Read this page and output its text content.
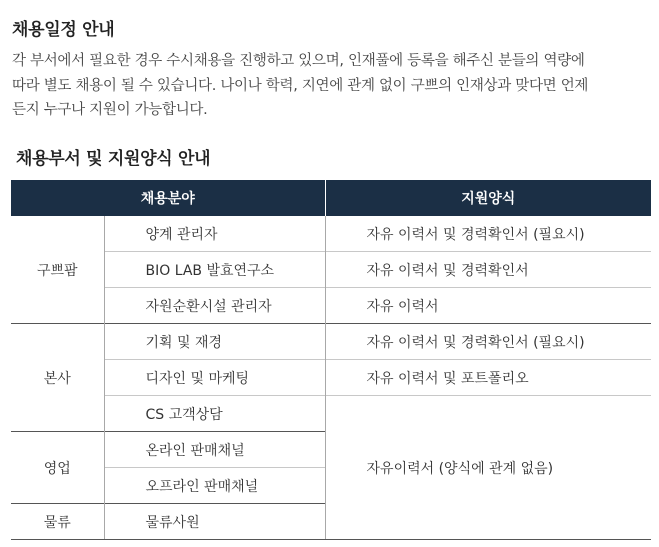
채용일정 안내

각 부서에서 필요한 경우 수시채용을 진행하고 있으며, 인재풀에 등록을 해주신 분들의 역량에
따라 별도 채용이 될 수 있습니다. 나이나 학력, 지연에 관계 없이 구쁘의 인재상과 맞다면 언제
든지 누구나 지원이 가능합니다.

채용부서 및 지원양식 안내
채용분야		지원양식
구쁘팜	양계 관리자	자유 이력서 및 경력확인서 (필요시)
	BIO LAB 발효연구소	자유 이력서 및 경력확인서
	자원순환시설 관리자	자유 이력서
본사	기획 및 재경	자유 이력서 및 경력확인서 (필요시)
	디자인 및 마케팅	자유 이력서 및 포트폴리오
	CS 고객상담	자유이력서 (양식에 관계 없음)
영업	온라인 판매채널	
	오프라인 판매채널	
물류	물류사원	
